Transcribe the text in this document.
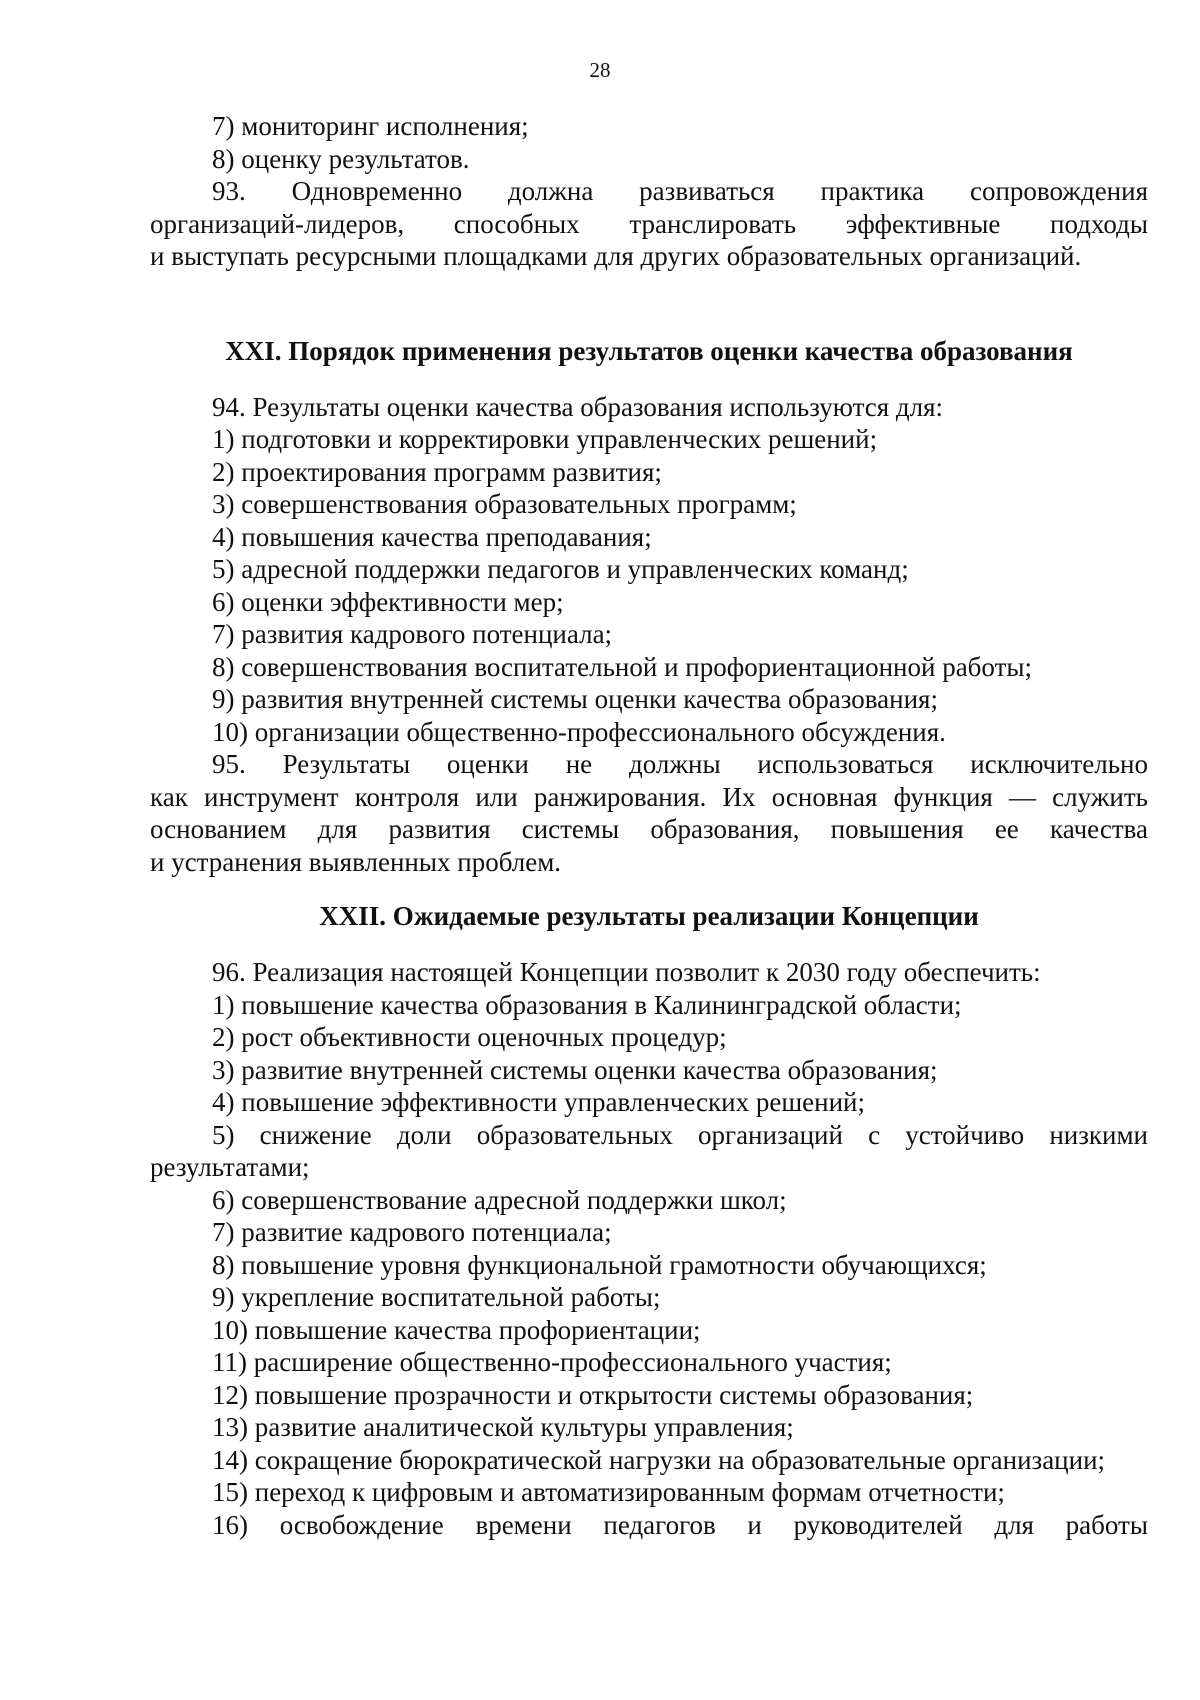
28

7) мониторинг исполнения;

8) оценку результатов.

93. Одновременно должна развиваться практика сопровождения

организаций-лидеров, способных транслировать эффективные подходы

и выступать ресурсными площадками для других образовательных организаций.

XXI. Порядок применения результатов оценки качества образования

94. Результаты оценки качества образования используются для:

1) подготовки и корректировки управленческих решений;

2) проектирования программ развития;

3) совершенствования образовательных программ;

4) повышения качества преподавания;

5) адресной поддержки педагогов и управленческих команд;

6) оценки эффективности мер;

7) развития кадрового потенциала;

8) совершенствования воспитательной и профориентационной работы;

9) развития внутренней системы оценки качества образования;

10) организации общественно-профессионального обсуждения.

95. Результаты оценки не должны использоваться исключительно

как инструмент контроля или ранжирования. Их основная функция — служить

основанием для развития системы образования, повышения ее качества

и устранения выявленных проблем.

XXII. Ожидаемые результаты реализации Концепции

96. Реализация настоящей Концепции позволит к 2030 году обеспечить:

1) повышение качества образования в Калининградской области;

2) рост объективности оценочных процедур;

3) развитие внутренней системы оценки качества образования;

4) повышение эффективности управленческих решений;

5) снижение доли образовательных организаций с устойчиво низкими

результатами;

6) совершенствование адресной поддержки школ;

7) развитие кадрового потенциала;

8) повышение уровня функциональной грамотности обучающихся;

9) укрепление воспитательной работы;

10) повышение качества профориентации;

11) расширение общественно-профессионального участия;

12) повышение прозрачности и открытости системы образования;

13) развитие аналитической культуры управления;

14) сокращение бюрократической нагрузки на образовательные организации;

15) переход к цифровым и автоматизированным формам отчетности;

16) освобождение времени педагогов и руководителей для работы
